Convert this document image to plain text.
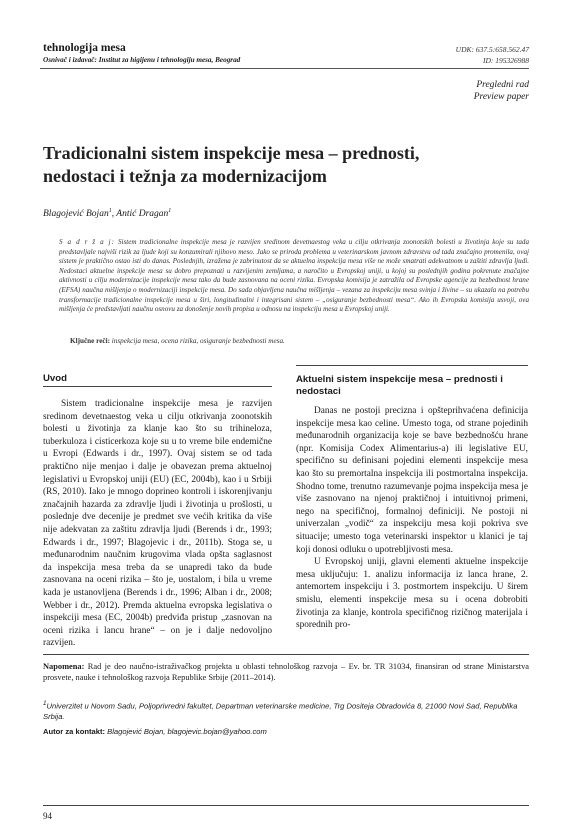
tehnologija mesa
Osnivač i izdavač: Institut za higijenu i tehnologiju mesa, Beograd
UDK: 637.5:658.562.47
ID: 195326988
Pregledni rad
Preview paper
Tradicionalni sistem inspekcije mesa – prednosti,
nedostaci i težnja za modernizacijom
Blagojević Bojan$^1$, Antić Dragan$^1$
S a d r ž a j: Sistem tradicionalne inspekcije mesa je razvijen sredinom devetnaestog veka u cilju otkrivanja zoonotskih bolesti u životinja koje su tada predstavljale najviši rizik za ljude koji su konzumirali njihovo meso. Jako se priroda problema u veterinarskom javnom zdravstvu od tada značajno promenila, ovaj sistem je praktično ostao isti do danas. Poslednjih, izražena je zabrinutost da se aktuelna inspekcija mesa više ne može smatrati adekvatnom u zaštiti zdravlja ljudi. Nedostaci aktuelne inspekcije mesa su dobro prepoznati u razvijenim zemljama, a naročito u Evropskoj uniji, u kojoj su poslednjih godina pokrenute značajne aktivnosti u cilju modernizacije inspekcije mesa tako da bude zasnovana na oceni rizika. Evropska komisija je zatražila od Evropske agencije za bezbednost hrane (EFSA) naučna mišljenja o modernizaciji inspekcije mesa. Do sada objavljena naučna mišljenja – vezana za inspekciju mesa svinja i živine – su ukazala na potrebu transformacije tradicionalne inspekcije mesa u širi, longitudinalni i integrisani sistem – „osiguranje bezbednosti mesa“. Ako ih Evropska komisija usvoji, ova mišljenja će predstavljati naučnu osnovu za donošenje novih propisa u odnosu na inspekciju mesa u Evropskoj uniji.
Ključne reči: inspekcija mesa, ocena rizika, osiguranje bezbednosti mesa.
Uvod

Sistem tradicionalne inspekcije mesa je razvijen sredinom devetnaestog veka u cilju otkrivanja zoonotskih bolesti u životinja za klanje kao što su trihineloza, tuberkuloza i cisticerkoza koje su u to vreme bile endemične u Evropi (Edwards i dr., 1997). Ovaj sistem se od tada praktično nije menjao i dalje je obavezan prema aktuelnoj legislativi u Evropskoj uniji (EU) (EC, 2004b), kao i u Srbiji (RS, 2010). Iako je mnogo doprineo kontroli i iskorenjivanju značajnih hazarda za zdravlje ljudi i životinja u prošlosti, u poslednje dve decenije je predmet sve većih kritika da više nije adekvatan za zaštitu zdravlja ljudi (Berends i dr., 1993; Edwards i dr., 1997; Blagojevic i dr., 2011b). Stoga se, u međunarodnim naučnim krugovima vlada opšta saglasnost da inspekcija mesa treba da se unapredi tako da bude zasnovana na oceni rizika – što je, uostalom, i bila u vreme kada je ustanovljena (Berends i dr., 1996; Alban i dr., 2008; Webber i dr., 2012). Premda aktuelna evropska legislativa o inspekciji mesa (EC, 2004b) predviđa pristup „zasnovan na oceni rizika i lancu hrane“ – on je i dalje nedovoljno razvijen.

Aktuelni sistem inspekcije mesa – prednosti i nedostaci

Danas ne postoji precizna i opšteprihvaćena definicija inspekcije mesa kao celine. Umesto toga, od strane pojedinih međunarodnih organizacija koje se bave bezbednošću hrane (npr. Komisija Codex Alimentarius-a) ili legislative EU, specifično su definisani pojedini elementi inspekcije mesa kao što su premortalna inspekcija ili postmortalna inspekcija. Shodno tome, trenutno razumevanje pojma inspekcija mesa je više zasnovano na njenoj praktičnoj i intuitivnoj primeni, nego na specifičnoj, formalnoj definiciji. Ne postoji ni univerzalan „vodič“ za inspekciju mesa koji pokriva sve situacije; umesto toga veterinarski inspektor u klanici je taj koji donosi odluku o upotrebljivosti mesa.

U Evropskoj uniji, glavni elementi aktuelne inspekcije mesa uključuju: 1. analizu informacija iz lanca hrane, 2. antemortem inspekciju i 3. postmortem inspekciju. U širem smislu, elementi inspekcije mesa su i ocena dobrobiti životinja za klanje, kontrola specifičnog rizičnog materijala i sporednih pro-

Napomena: Rad je deo naučno-istraživačkog projekta u oblasti tehnološkog razvoja – Ev. br. TR 31034, finansiran od strane Ministarstva prosvete, nauke i tehnološkog razvoja Republike Srbije (2011–2014).
$^1$Univerzitet u Novom Sadu, Poljoprivredni fakultet, Departman veterinarske medicine, Trg Dositeja Obradovića 8, 21000 Novi Sad, Republika Srbija.
Autor za kontakt: Blagojević Bojan, blagojevic.bojan@yahoo.com
94
